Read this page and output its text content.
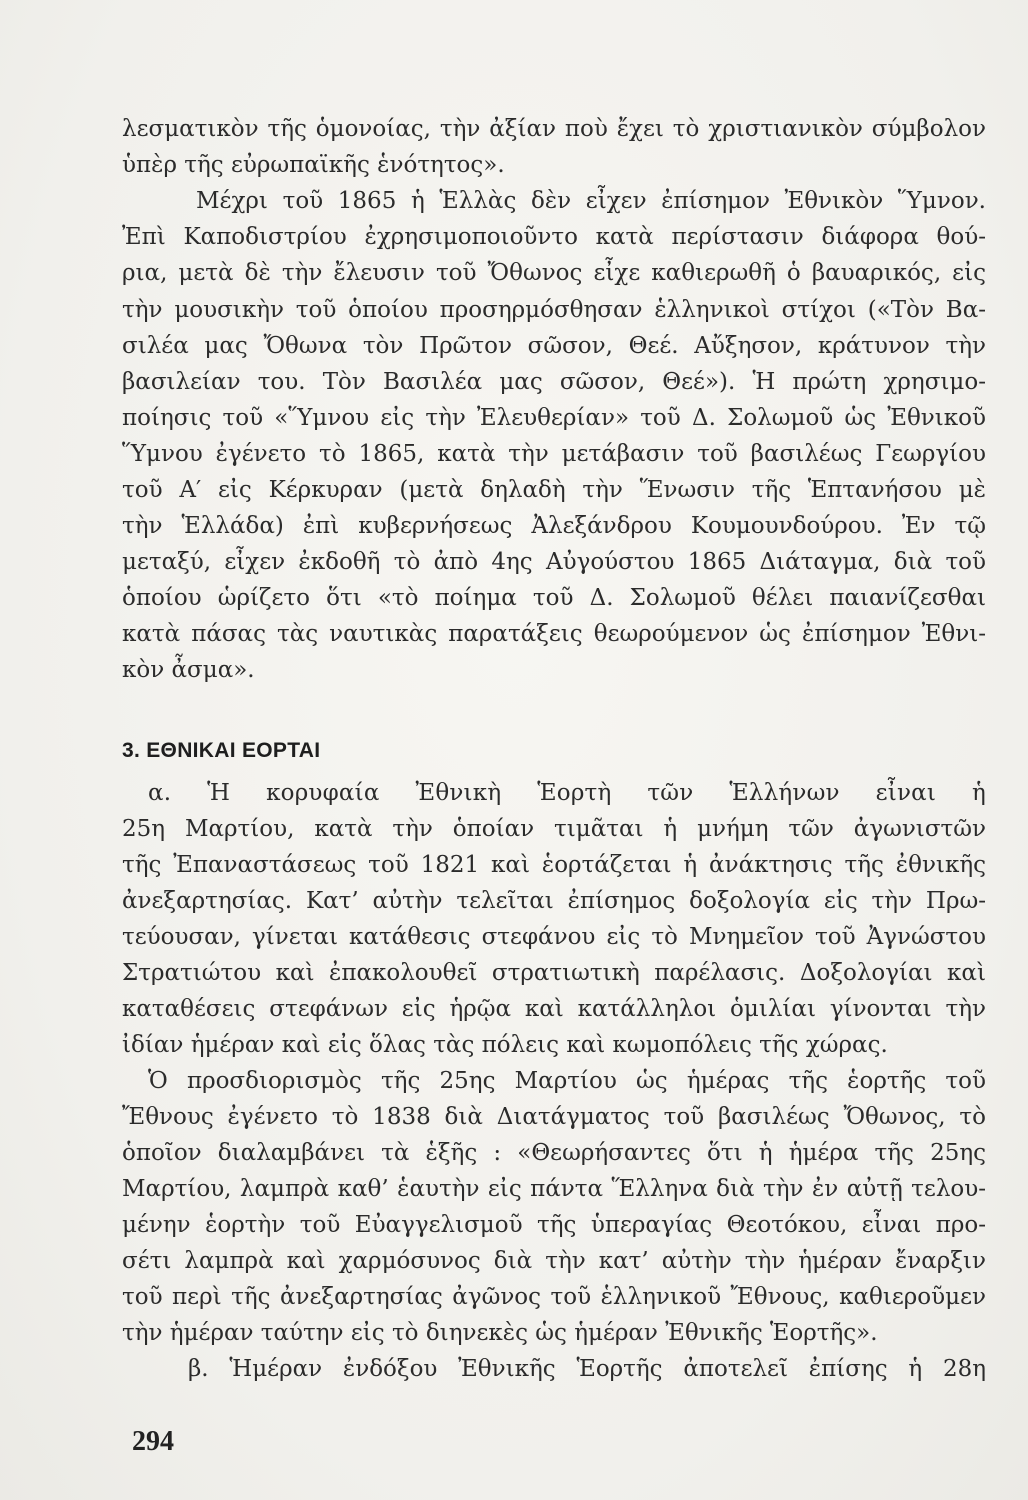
λεσματικὸν τῆς ὁμονοίας, τὴν ἀξίαν ποὺ ἔχει τὸ χριστιανικὸν σύμβολον
ὑπὲρ τῆς εὐρωπαϊκῆς ἑνότητος».
Μέχρι τοῦ 1865 ἡ Ἑλλὰς δὲν εἶχεν ἐπίσημον Ἐθνικὸν Ὕμνον.
Ἐπὶ Καποδιστρίου ἐχρησιμοποιοῦντο κατὰ περίστασιν διάφορα θού-
ρια, μετὰ δὲ τὴν ἔλευσιν τοῦ Ὄθωνος εἶχε καθιερωθῆ ὁ βαυαρικός, εἰς
τὴν μουσικὴν τοῦ ὁποίου προσηρμόσθησαν ἑλληνικοὶ στίχοι («Τὸν Βα-
σιλέα μας Ὄθωνα τὸν Πρῶτον σῶσον, Θεέ. Αὔξησον, κράτυνον τὴν
βασιλείαν του. Τὸν Βασιλέα μας σῶσον, Θεέ»). Ἡ πρώτη χρησιμο-
ποίησις τοῦ «Ὕμνου εἰς τὴν Ἐλευθερίαν» τοῦ Δ. Σολωμοῦ ὡς Ἐθνικοῦ
Ὕμνου ἐγένετο τὸ 1865, κατὰ τὴν μετάβασιν τοῦ βασιλέως Γεωργίου
τοῦ Α′ εἰς Κέρκυραν (μετὰ δηλαδὴ τὴν Ἕνωσιν τῆς Ἑπτανήσου μὲ
τὴν Ἑλλάδα) ἐπὶ κυβερνήσεως Ἀλεξάνδρου Κουμουνδούρου. Ἐν τῷ
μεταξύ, εἶχεν ἐκδοθῆ τὸ ἀπὸ 4ης Αὐγούστου 1865 Διάταγμα, διὰ τοῦ
ὁποίου ὡρίζετο ὅτι «τὸ ποίημα τοῦ Δ. Σολωμοῦ θέλει παιανίζεσθαι
κατὰ πάσας τὰς ναυτικὰς παρατάξεις θεωρούμενον ὡς ἐπίσημον Ἐθνι-
κὸν ἆσμα».
3. ΕΘΝΙΚΑΙ ΕΟΡΤΑΙ
α. Ἡ κορυφαία Ἐθνικὴ Ἑορτὴ τῶν Ἑλλήνων εἶναι ἡ
25η Μαρτίου, κατὰ τὴν ὁποίαν τιμᾶται ἡ μνήμη τῶν ἀγωνιστῶν
τῆς Ἐπαναστάσεως τοῦ 1821 καὶ ἑορτάζεται ἡ ἀνάκτησις τῆς ἐθνικῆς
ἀνεξαρτησίας. Κατ’ αὐτὴν τελεῖται ἐπίσημος δοξολογία εἰς τὴν Πρω-
τεύουσαν, γίνεται κατάθεσις στεφάνου εἰς τὸ Μνημεῖον τοῦ Ἀγνώστου
Στρατιώτου καὶ ἐπακολουθεῖ στρατιωτικὴ παρέλασις. Δοξολογίαι καὶ
καταθέσεις στεφάνων εἰς ἡρῷα καὶ κατάλληλοι ὁμιλίαι γίνονται τὴν
ἰδίαν ἡμέραν καὶ εἰς ὅλας τὰς πόλεις καὶ κωμοπόλεις τῆς χώρας.
Ὁ προσδιορισμὸς τῆς 25ης Μαρτίου ὡς ἡμέρας τῆς ἑορτῆς τοῦ
Ἔθνους ἐγένετο τὸ 1838 διὰ Διατάγματος τοῦ βασιλέως Ὄθωνος, τὸ
ὁποῖον διαλαμβάνει τὰ ἑξῆς : «Θεωρήσαντες ὅτι ἡ ἡμέρα τῆς 25ης
Μαρτίου, λαμπρὰ καθ’ ἑαυτὴν εἰς πάντα Ἕλληνα διὰ τὴν ἐν αὐτῇ τελου-
μένην ἑορτὴν τοῦ Εὐαγγελισμοῦ τῆς ὑπεραγίας Θεοτόκου, εἶναι προ-
σέτι λαμπρὰ καὶ χαρμόσυνος διὰ τὴν κατ’ αὐτὴν τὴν ἡμέραν ἔναρξιν
τοῦ περὶ τῆς ἀνεξαρτησίας ἀγῶνος τοῦ ἑλληνικοῦ Ἔθνους, καθιεροῦμεν
τὴν ἡμέραν ταύτην εἰς τὸ διηνεκὲς ὡς ἡμέραν Ἐθνικῆς Ἑορτῆς».
β. Ἡμέραν ἐνδόξου Ἐθνικῆς Ἑορτῆς ἀποτελεῖ ἐπίσης ἡ 28η
294
